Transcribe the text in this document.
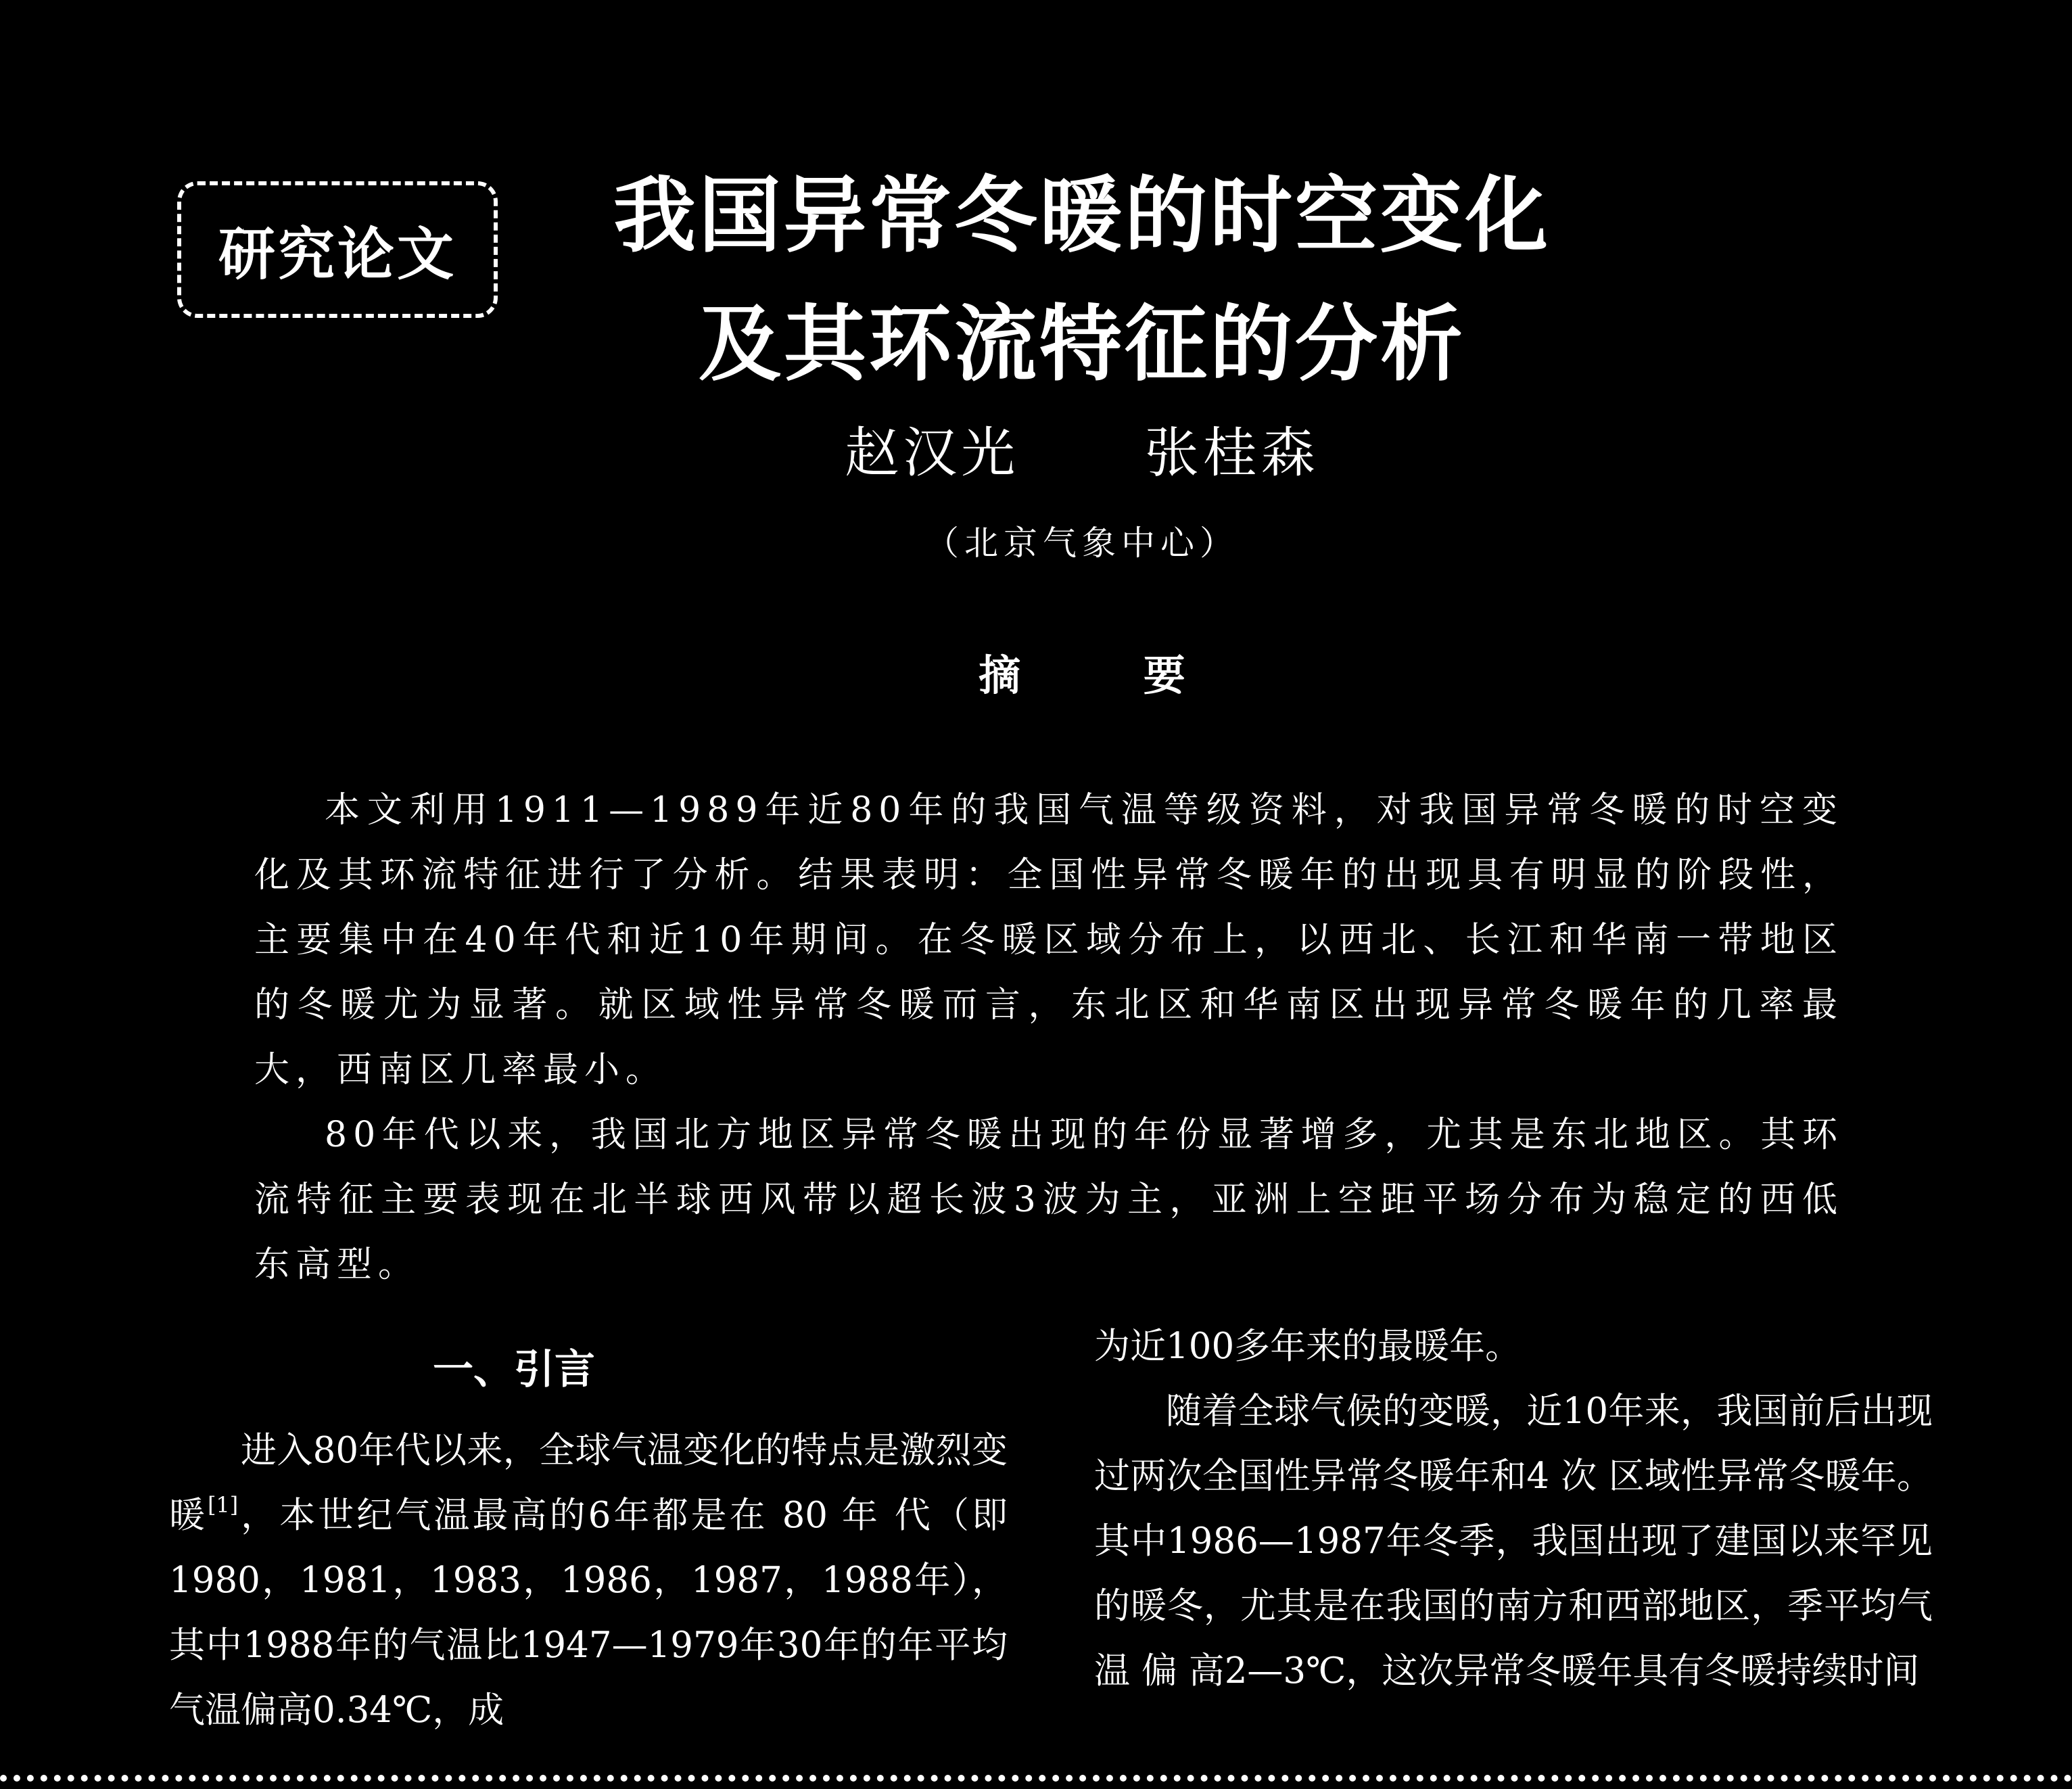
研究论文	我国异常冬暖的时空变化
及其环流特征的分析
赵汉光 张桂森
（北京气象中心）
摘	要

本文利用1911—1989年近80年的我国气温等级资料，对我国异常冬暖的时空变化及其环流特征进行了分析。结果表明：全国性异常冬暖年的出现具有明显的阶段性，主要集中在40年代和近10年期间。在冬暖区域分布上，以西北、长江和华南一带地区的冬暖尤为显著。就区域性异常冬暖而言，东北区和华南区出现异常冬暖年的几率最大，西南区几率最小。

80年代以来，我国北方地区异常冬暖出现的年份显著增多，尤其是东北地区。其环流特征主要表现在北半球西风带以超长波3波为主，亚洲上空距平场分布为稳定的西低东高型。

一、引言

进入80年代以来，全球气温变化的特点是激烈变暖[1]，本世纪气温最高的6年都是在 80 年 代（即1980，1981，1983，1986，1987，1988年），其中1988年的气温比1947—1979年30年的年平均气温偏高0.34℃，成

为近100多年来的最暖年。

随着全球气候的变暖，近10年来，我国前后出现过两次全国性异常冬暖年和4 次 区域性异常冬暖年。其中1986—1987年冬季，我国出现了建国以来罕见的暖冬，尤其是在我国的南方和西部地区，季平均气温 偏 高2—3℃，这次异常冬暖年具有冬暖持续时间
